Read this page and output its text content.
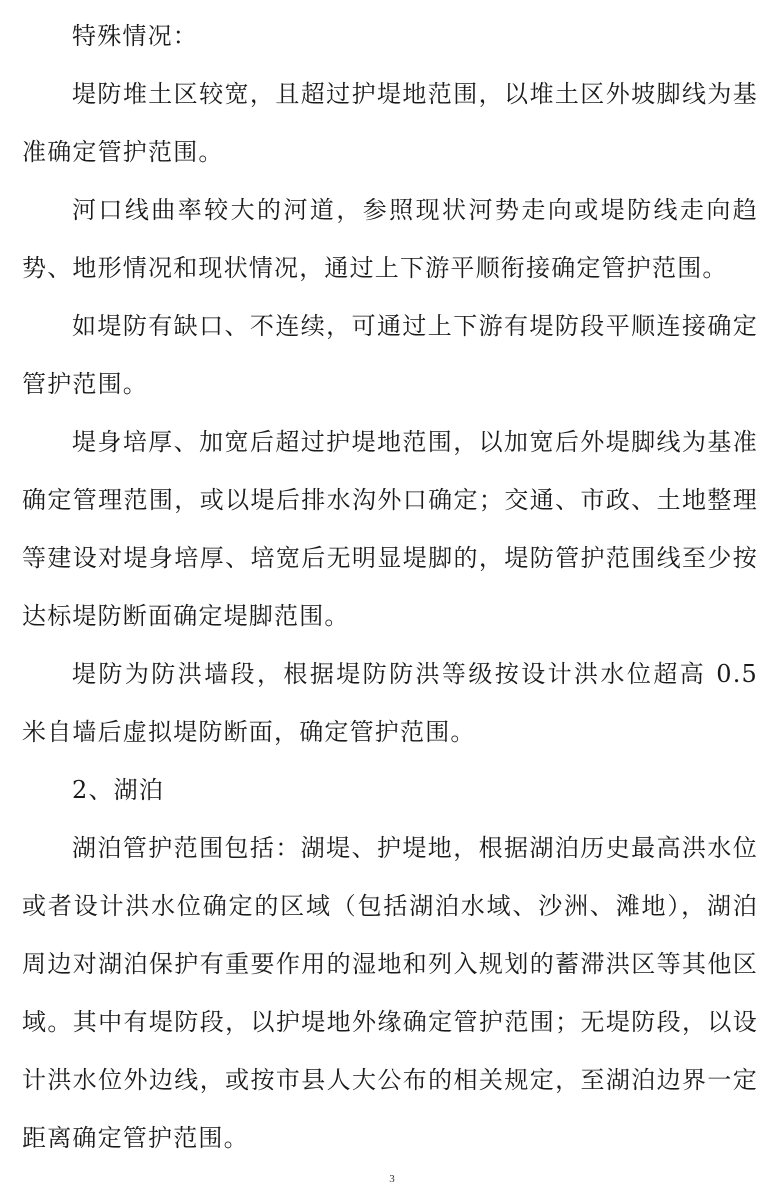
特殊情况：

堤防堆土区较宽，且超过护堤地范围，以堆土区外坡脚线为基准确定管护范围。

河口线曲率较大的河道，参照现状河势走向或堤防线走向趋势、地形情况和现状情况，通过上下游平顺衔接确定管护范围。

如堤防有缺口、不连续，可通过上下游有堤防段平顺连接确定管护范围。

堤身培厚、加宽后超过护堤地范围，以加宽后外堤脚线为基准确定管理范围，或以堤后排水沟外口确定；交通、市政、土地整理等建设对堤身培厚、培宽后无明显堤脚的，堤防管护范围线至少按达标堤防断面确定堤脚范围。

堤防为防洪墙段，根据堤防防洪等级按设计洪水位超高 0.5 米自墙后虚拟堤防断面，确定管护范围。

2、湖泊

湖泊管护范围包括：湖堤、护堤地，根据湖泊历史最高洪水位或者设计洪水位确定的区域（包括湖泊水域、沙洲、滩地），湖泊周边对湖泊保护有重要作用的湿地和列入规划的蓄滞洪区等其他区域。其中有堤防段，以护堤地外缘确定管护范围；无堤防段，以设计洪水位外边线，或按市县人大公布的相关规定，至湖泊边界一定距离确定管护范围。

3
